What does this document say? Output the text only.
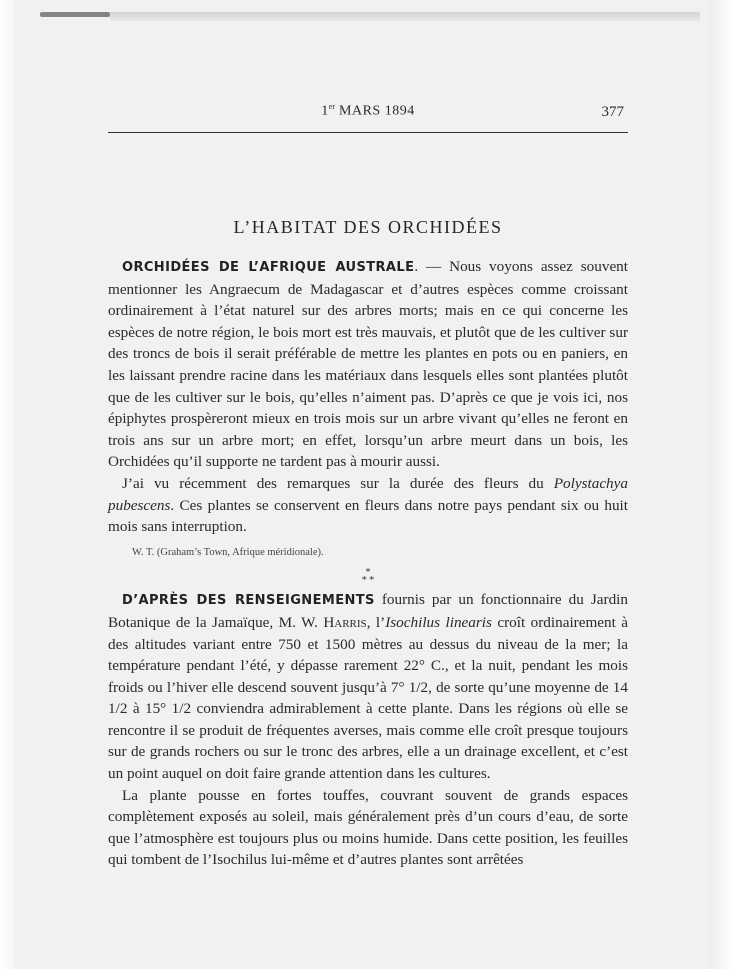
1er MARS 1894	377
L’HABITAT DES ORCHIDÉES

ORCHIDÉES DE L’AFRIQUE AUSTRALE. — Nous voyons assez souvent mentionner les Angraecum de Madagascar et d’autres espèces comme croissant ordinairement à l’état naturel sur des arbres morts; mais en ce qui concerne les espèces de notre région, le bois mort est très mauvais, et plutôt que de les cultiver sur des troncs de bois il serait préférable de mettre les plantes en pots ou en paniers, en les laissant prendre racine dans les matériaux dans lesquels elles sont plantées plutôt que de les cultiver sur le bois, qu’elles n’aiment pas. D’après ce que je vois ici, nos épiphytes prospèreront mieux en trois mois sur un arbre vivant qu’elles ne feront en trois ans sur un arbre mort; en effet, lorsqu’un arbre meurt dans un bois, les Orchidées qu’il supporte ne tardent pas à mourir aussi.

J’ai vu récemment des remarques sur la durée des fleurs du Polystachya pubescens. Ces plantes se conservent en fleurs dans notre pays pendant six ou huit mois sans interruption.

W. T. (Graham’s Town, Afrique méridionale).
*
* *

D’APRÈS DES RENSEIGNEMENTS fournis par un fonctionnaire du Jardin Botanique de la Jamaïque, M. W. Harris, l’Isochilus linearis croît ordinairement à des altitudes variant entre 750 et 1500 mètres au dessus du niveau de la mer; la température pendant l’été, y dépasse rarement 22° C., et la nuit, pendant les mois froids ou l’hiver elle descend souvent jusqu’à 7° 1/2, de sorte qu’une moyenne de 14 1/2 à 15° 1/2 conviendra admirablement à cette plante. Dans les régions où elle se rencontre il se produit de fréquentes averses, mais comme elle croît presque toujours sur de grands rochers ou sur le tronc des arbres, elle a un drainage excellent, et c’est un point auquel on doit faire grande attention dans les cultures.

La plante pousse en fortes touffes, couvrant souvent de grands espaces complètement exposés au soleil, mais généralement près d’un cours d’eau, de sorte que l’atmosphère est toujours plus ou moins humide. Dans cette position, les feuilles qui tombent de l’Isochilus lui-même et d’autres plantes sont arrêtées
